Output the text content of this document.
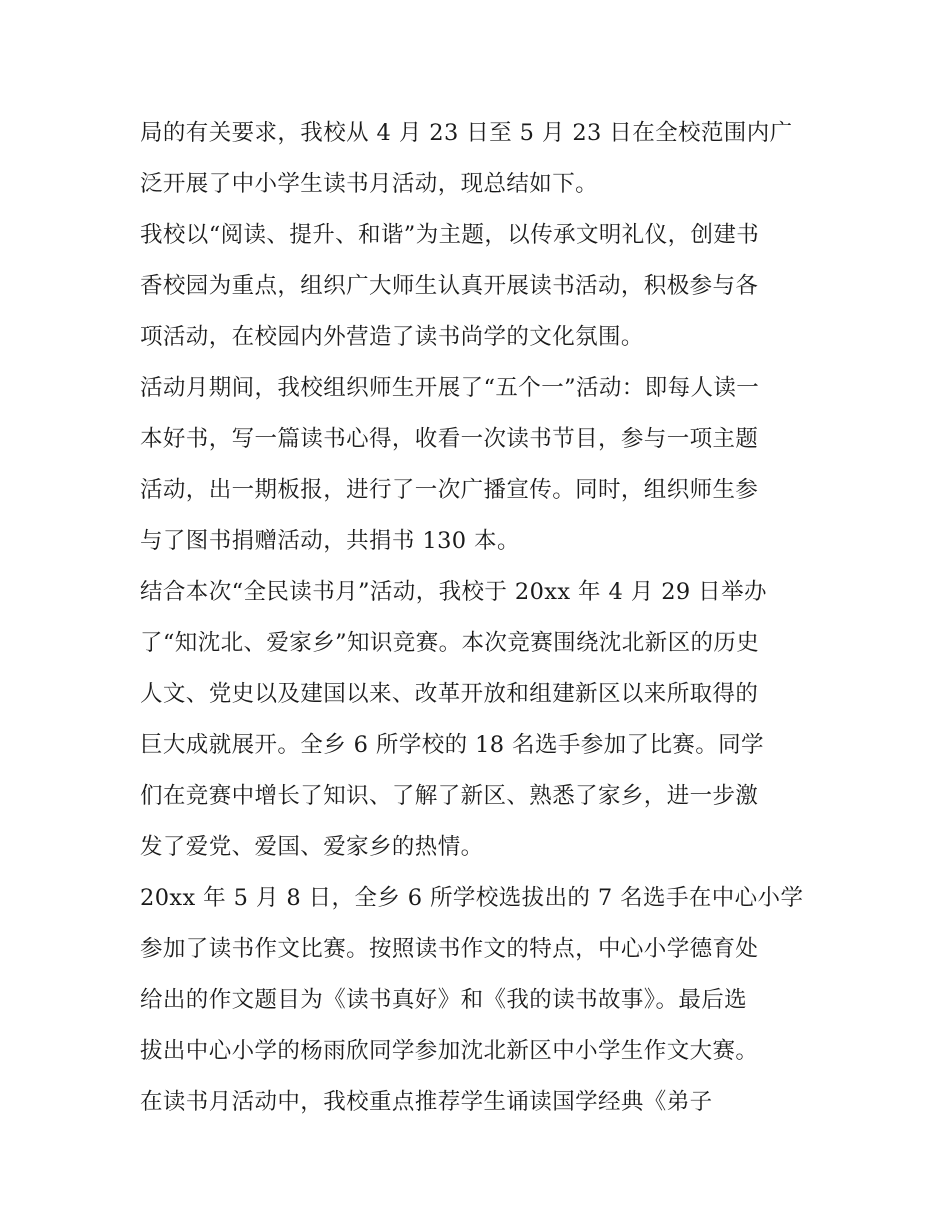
局的有关要求，我校从 4 月 23 日至 5 月 23 日在全校范围内广
泛开展了中小学生读书月活动，现总结如下。
我校以“阅读、提升、和谐”为主题，以传承文明礼仪，创建书
香校园为重点，组织广大师生认真开展读书活动，积极参与各
项活动，在校园内外营造了读书尚学的文化氛围。
活动月期间，我校组织师生开展了“五个一”活动：即每人读一
本好书，写一篇读书心得，收看一次读书节目，参与一项主题
活动，出一期板报，进行了一次广播宣传。同时，组织师生参
与了图书捐赠活动，共捐书 130 本。
结合本次“全民读书月”活动，我校于 20xx 年 4 月 29 日举办
了“知沈北、爱家乡”知识竞赛。本次竞赛围绕沈北新区的历史
人文、党史以及建国以来、改革开放和组建新区以来所取得的
巨大成就展开。全乡 6 所学校的 18 名选手参加了比赛。同学
们在竞赛中增长了知识、了解了新区、熟悉了家乡，进一步激
发了爱党、爱国、爱家乡的热情。
20xx 年 5 月 8 日，全乡 6 所学校选拔出的 7 名选手在中心小学
参加了读书作文比赛。按照读书作文的特点，中心小学德育处
给出的作文题目为《读书真好》和《我的读书故事》。最后选
拔出中心小学的杨雨欣同学参加沈北新区中小学生作文大赛。
在读书月活动中，我校重点推荐学生诵读国学经典《弟子
